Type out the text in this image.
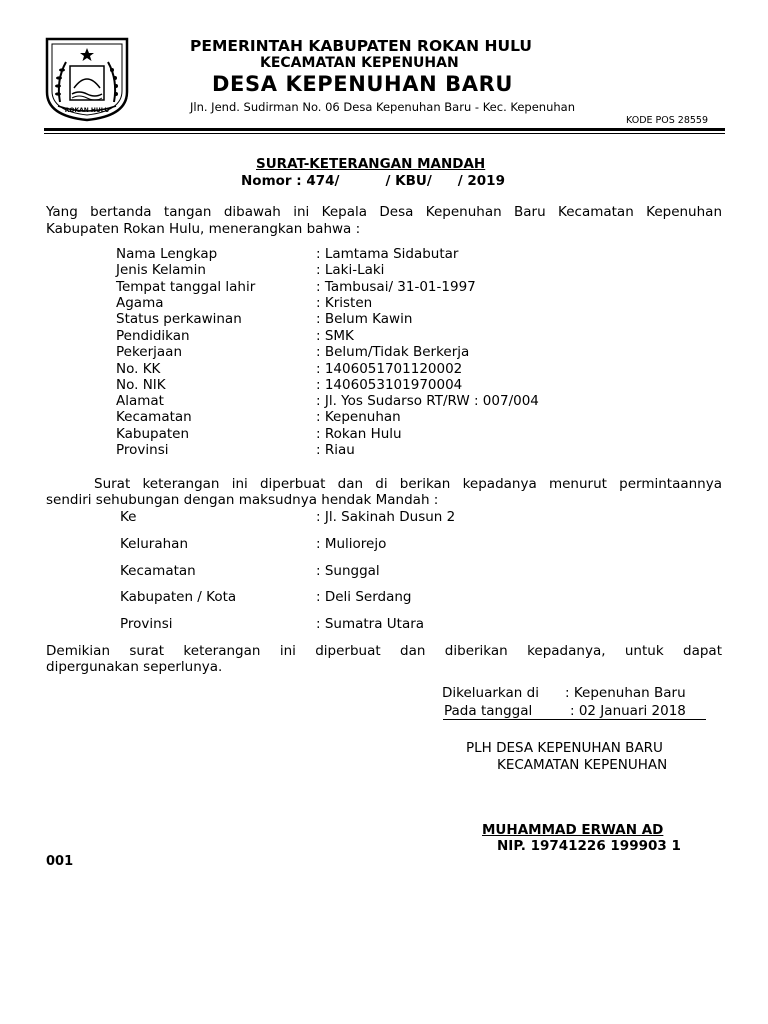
ROKAN HULU
PEMERINTAH KABUPATEN ROKAN HULU
KECAMATAN KEPENUHAN
DESA KEPENUHAN BARU
Jln. Jend. Sudirman No. 06 Desa Kepenuhan Baru - Kec. Kepenuhan
KODE POS 28559
SURAT-KETERANGAN MANDAH
Nomor : 474/	/ KBU/ / 2019
Yang bertanda tangan dibawah ini Kepala Desa Kepenuhan Baru Kecamatan Kepenuhan
Kabupaten Rokan Hulu, menerangkan bahwa :
Nama Lengkap	: Lamtama Sidabutar
Jenis Kelamin	: Laki-Laki
Tempat tanggal lahir	: Tambusai/ 31-01-1997
Agama	: Kristen
Status perkawinan	: Belum Kawin
Pendidikan	: SMK
Pekerjaan	: Belum/Tidak Berkerja
No. KK	: 1406051701120002
No. NIK	: 1406053101970004
Alamat	: Jl. Yos Sudarso RT/RW : 007/004
Kecamatan	: Kepenuhan
Kabupaten	: Rokan Hulu
Provinsi	: Riau
Surat keterangan ini diperbuat dan di berikan kepadanya menurut permintaannya
sendiri sehubungan dengan maksudnya hendak Mandah :
Ke	: Jl. Sakinah Dusun 2
Kelurahan	: Muliorejo
Kecamatan	: Sunggal
Kabupaten / Kota	: Deli Serdang
Provinsi	: Sumatra Utara
Demikian surat keterangan ini diperbuat dan diberikan kepadanya, untuk dapat
dipergunakan seperlunya.
Dikeluarkan di : Kepenuhan Baru
Pada tanggal	: 02 Januari 2018
PLH DESA KEPENUHAN BARU
KECAMATAN KEPENUHAN
MUHAMMAD ERWAN AD
NIP. 19741226 199903 1
001
